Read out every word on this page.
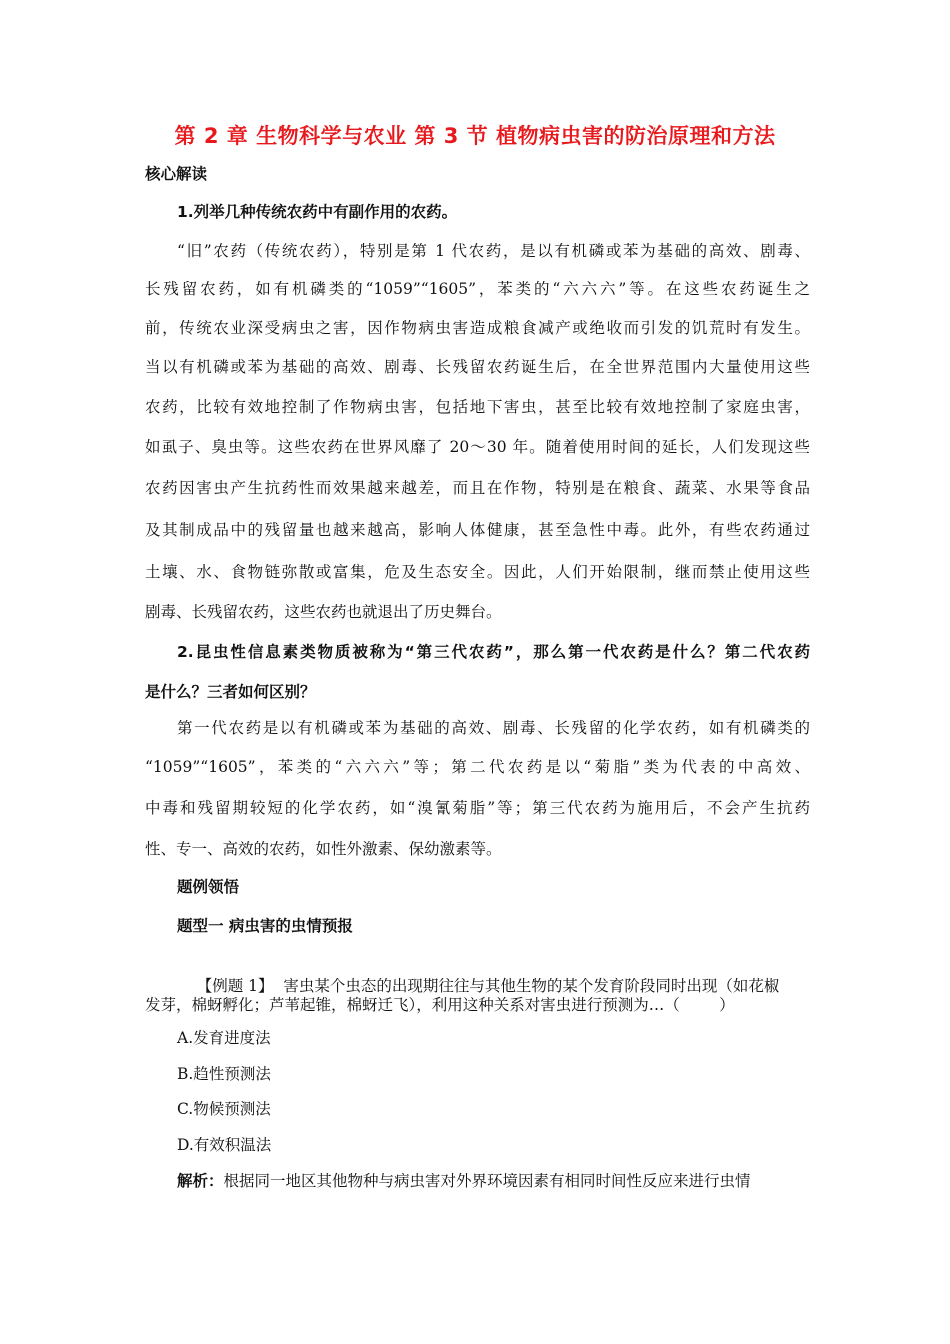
第 2 章 生物科学与农业 第 3 节 植物病虫害的防治原理和方法
核心解读
1.列举几种传统农药中有副作用的农药。
“旧”农药（传统农药），特别是第 1 代农药，是以有机磷或苯为基础的高效、剧毒、
长残留农药，如有机磷类的“1059”“1605”，苯类的“六六六”等。在这些农药诞生之
前，传统农业深受病虫之害，因作物病虫害造成粮食减产或绝收而引发的饥荒时有发生。
当以有机磷或苯为基础的高效、剧毒、长残留农药诞生后，在全世界范围内大量使用这些
农药，比较有效地控制了作物病虫害，包括地下害虫，甚至比较有效地控制了家庭虫害，
如虱子、臭虫等。这些农药在世界风靡了 20～30 年。随着使用时间的延长，人们发现这些
农药因害虫产生抗药性而效果越来越差，而且在作物，特别是在粮食、蔬菜、水果等食品
及其制成品中的残留量也越来越高，影响人体健康，甚至急性中毒。此外，有些农药通过
土壤、水、食物链弥散或富集，危及生态安全。因此，人们开始限制，继而禁止使用这些
剧毒、长残留农药，这些农药也就退出了历史舞台。
2.昆虫性信息素类物质被称为“第三代农药”，那么第一代农药是什么？第二代农药
是什么？三者如何区别？
第一代农药是以有机磷或苯为基础的高效、剧毒、长残留的化学农药，如有机磷类的
“1059”“1605”，苯类的“六六六”等；第二代农药是以“菊脂”类为代表的中高效、
中毒和残留期较短的化学农药，如“溴氰菊脂”等；第三代农药为施用后，不会产生抗药
性、专一、高效的农药，如性外激素、保幼激素等。
题例领悟
题型一 病虫害的虫情预报

【例题 1】  害虫某个虫态的出现期往往与其他生物的某个发育阶段同时出现（如花椒

发芽，棉蚜孵化；芦苇起锥，棉蚜迁飞），利用这种关系对害虫进行预测为…（        ）
A.发育进度法
B.趋性预测法
C.物候预测法
D.有效积温法
解析：根据同一地区其他物种与病虫害对外界环境因素有相同时间性反应来进行虫情
